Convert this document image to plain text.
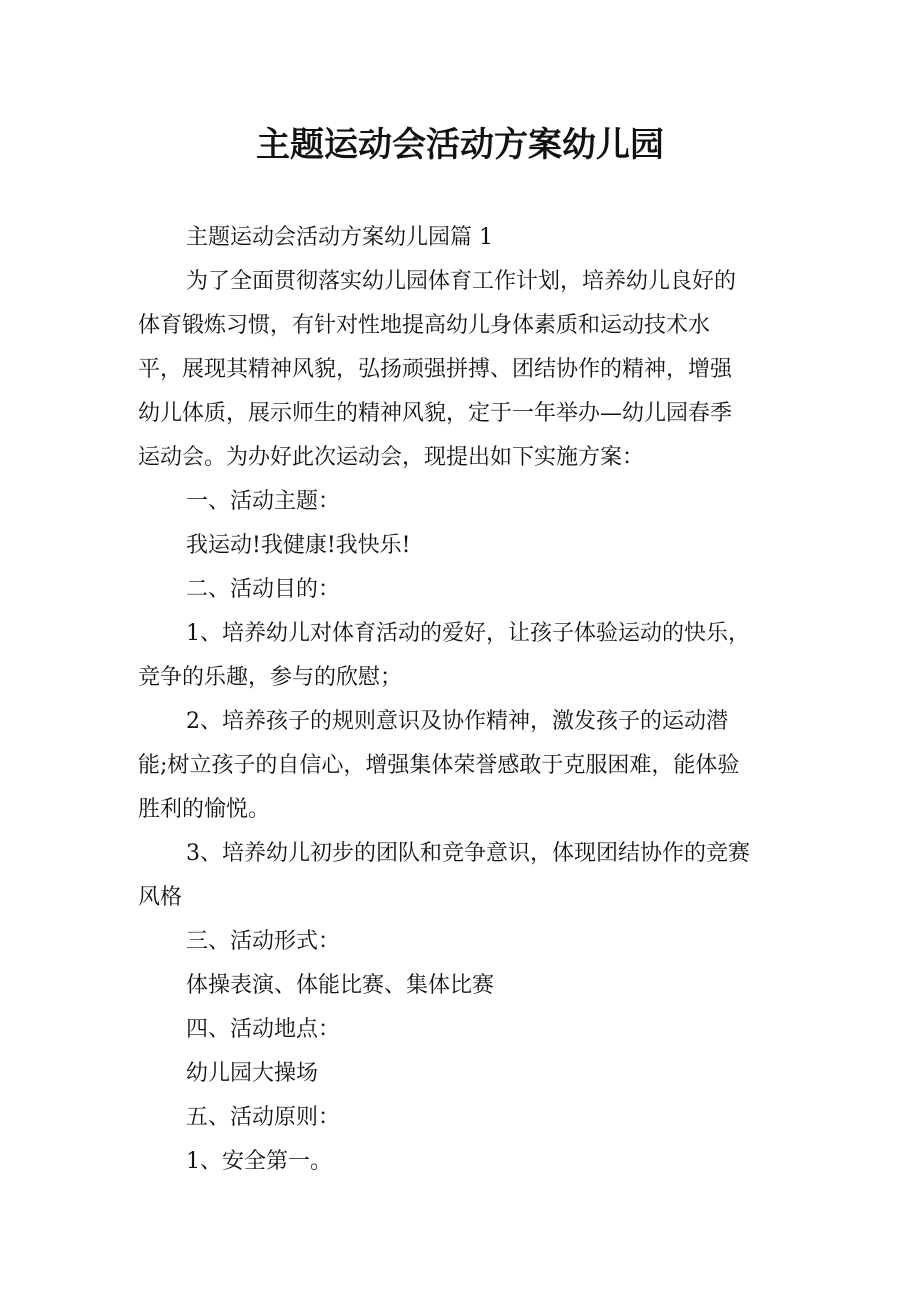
主题运动会活动方案幼儿园
主题运动会活动方案幼儿园篇 1
为了全面贯彻落实幼儿园体育工作计划，培养幼儿良好的
体育锻炼习惯，有针对性地提高幼儿身体素质和运动技术水
平，展现其精神风貌，弘扬顽强拼搏、团结协作的精神，增强
幼儿体质，展示师生的精神风貌，定于一年举办—幼儿园春季
运动会。为办好此次运动会，现提出如下实施方案：
一、活动主题：
我运动!我健康!我快乐!
二、活动目的：
1、培养幼儿对体育活动的爱好，让孩子体验运动的快乐，
竞争的乐趣，参与的欣慰；
2、培养孩子的规则意识及协作精神，激发孩子的运动潜
能;树立孩子的自信心，增强集体荣誉感敢于克服困难，能体验
胜利的愉悦。
3、培养幼儿初步的团队和竞争意识，体现团结协作的竞赛
风格
三、活动形式：
体操表演、体能比赛、集体比赛
四、活动地点：
幼儿园大操场
五、活动原则：
1、安全第一。
